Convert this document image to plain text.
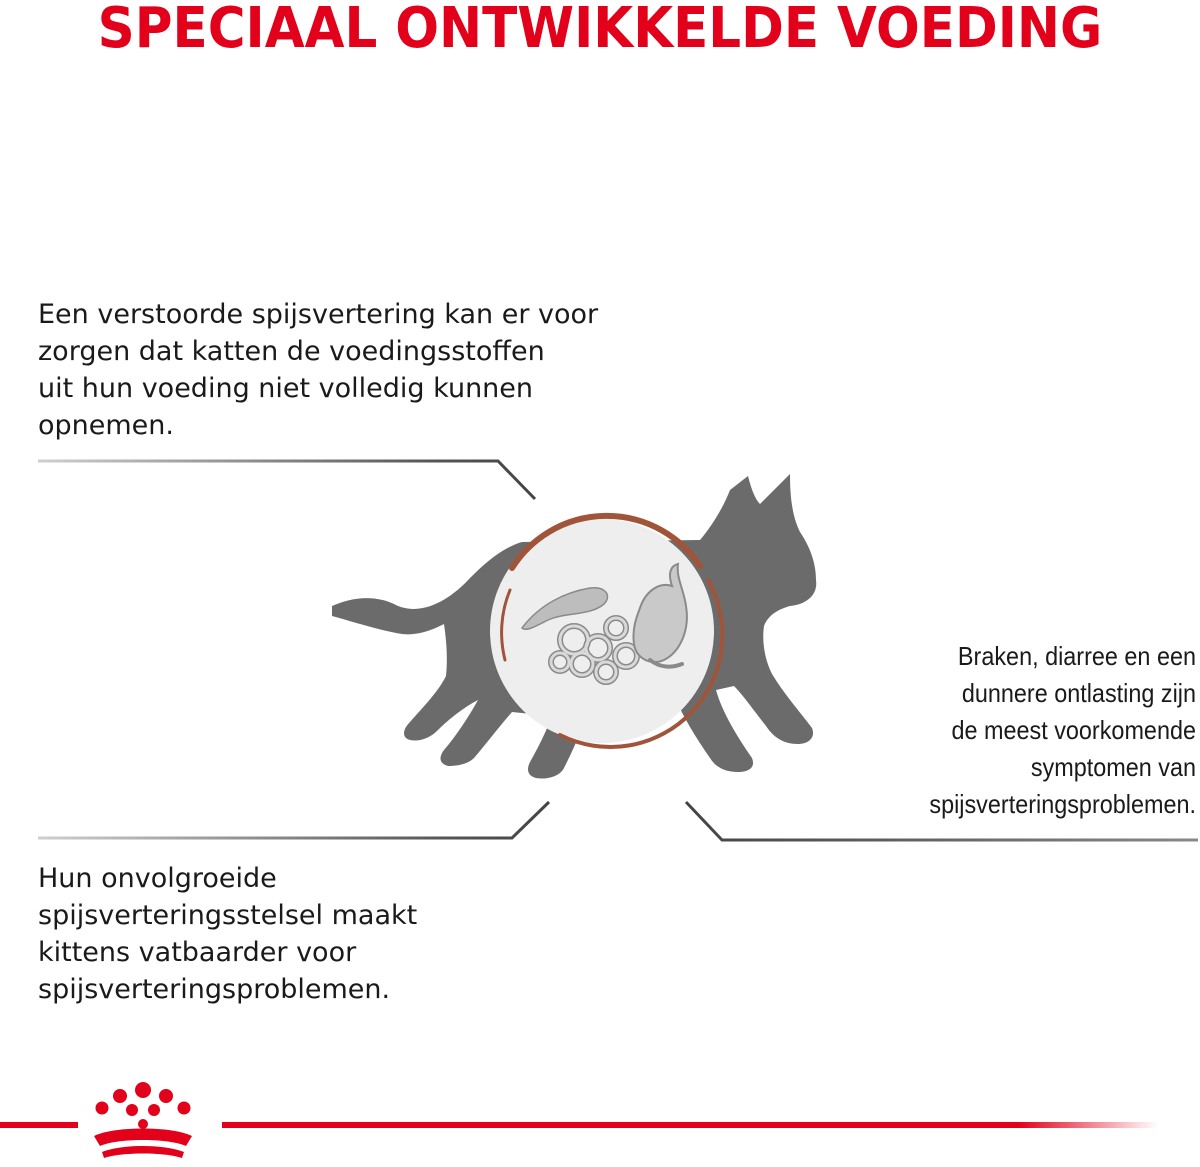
SPECIAAL ONTWIKKELDE VOEDING

Een verstoorde spijsvertering kan er voor
zorgen dat katten de voedingsstoffen
uit hun voeding niet volledig kunnen
opnemen.

Hun onvolgroeide
spijsverteringsstelsel maakt
kittens vatbaarder voor
spijsverteringsproblemen.

Braken, diarree en een
dunnere ontlasting zijn
de meest voorkomende
symptomen van
spijsverteringsproblemen.
